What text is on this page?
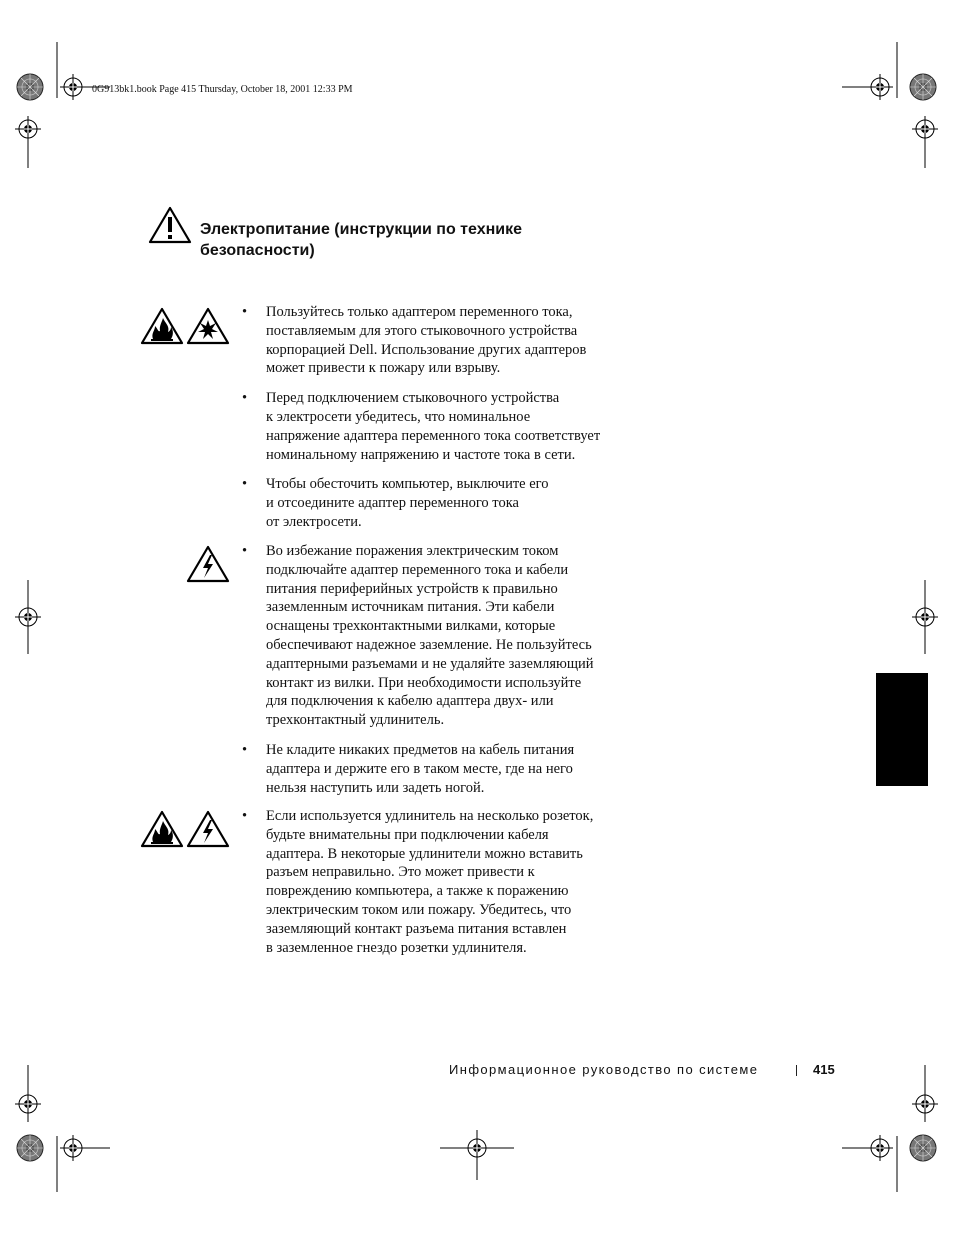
0G913bk1.book Page 415 Thursday, October 18, 2001 12:33 PM
Электропитание (инструкции по технике безопасности)
• Пользуйтесь только адаптером переменного тока,
поставляемым для этого стыковочного устройства
корпорацией Dell. Использование других адаптеров
может привести к пожару или взрыву.
• Перед подключением стыковочного устройства
к электросети убедитесь, что номинальное
напряжение адаптера переменного тока соответствует
номинальному напряжению и частоте тока в сети.
• Чтобы обесточить компьютер, выключите его
и отсоедините адаптер переменного тока
от электросети.
• Во избежание поражения электрическим током
подключайте адаптер переменного тока и кабели
питания периферийных устройств к правильно
заземленным источникам питания. Эти кабели
оснащены трехконтактными вилками, которые
обеспечивают надежное заземление. Не пользуйтесь
адаптерными разъемами и не удаляйте заземляющий
контакт из вилки. При необходимости используйте
для подключения к кабелю адаптера двух- или
трехконтактный удлинитель.
• Не кладите никаких предметов на кабель питания
адаптера и держите его в таком месте, где на него
нельзя наступить или задеть ногой.
• Если используется удлинитель на несколько розеток,
будьте внимательны при подключении кабеля
адаптера. В некоторые удлинители можно вставить
разъем неправильно. Это может привести к
повреждению компьютера, а также к поражению
электрическим током или пожару. Убедитесь, что
заземляющий контакт разъема питания вставлен
в заземленное гнездо розетки удлинителя.
Информационное руководство по системе	415
